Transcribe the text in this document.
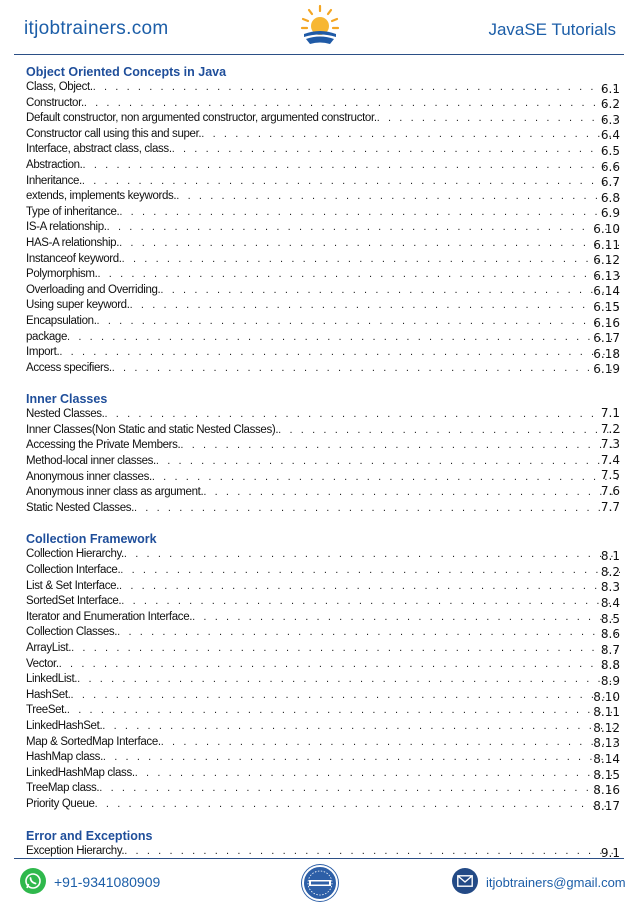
itjobtrainers.com	JavaSE Tutorials
Object Oriented Concepts in Java
Class, Object.
. . .
Constructor.
. . .
Default constructor, non argumented constructor, argumented constructor.
. . .
Constructor call using this and super.
. . .
Interface, abstract class, class.
. . .
Abstraction.
. . .
Inheritance.
. . .
extends, implements keywords.
. . .
Type of inheritance.
. . .
IS-A relationship.
. . .
HAS-A relationship.
. . .
Instanceof keyword.
. . .
Polymorphism.
. . .
Overloading and Overriding.
. . .
Using super keyword.
. . .
Encapsulation.
. . .
package
. . .
Import.
. . .
Access specifiers.
. . .
6.1
6.2
6.3
6.4
6.5
6.6
6.7
6.8
6.9
6.10
6.11
6.12
6.13
6.14
6.15
6.16
6.17
6.18
6.19
Inner Classes
Nested Classes.
. . .
Inner Classes(Non Static and static Nested Classes).
. . .
Accessing the Private Members.
. . .
Method-local inner classes.
. . .
Anonymous inner classes.
. . .
Anonymous inner class as argument.
. . .
Static Nested Classes.
. . .
7.1
7.2
7.3
7.4
7.5
7.6
7.7
Collection Framework
Collection Hierarchy.
. . .
Collection Interface.
. . .
List & Set Interface.
. . .
SortedSet Interface.
. . .
Iterator and Enumeration Interface.
. . .
Collection Classes.
. . .
ArrayList.
. . .
Vector.
. . .
LinkedList.
. . .
HashSet.
. . .
TreeSet.
. . .
LinkedHashSet.
. . .
Map & SortedMap Interface.
. . .
HashMap class.
. . .
LinkedHashMap class.
. . .
TreeMap class.
. . .
Priority Queue
. . .
8.1
8.2
8.3
8.4
8.5
8.6
8.7
8.8
8.9
8.10
8.11
8.12
8.13
8.14
8.15
8.16
8.17
Error and Exceptions
Exception Hierarchy.
. . .	9.1
+91-9341080909	itjobtrainers@gmail.com
